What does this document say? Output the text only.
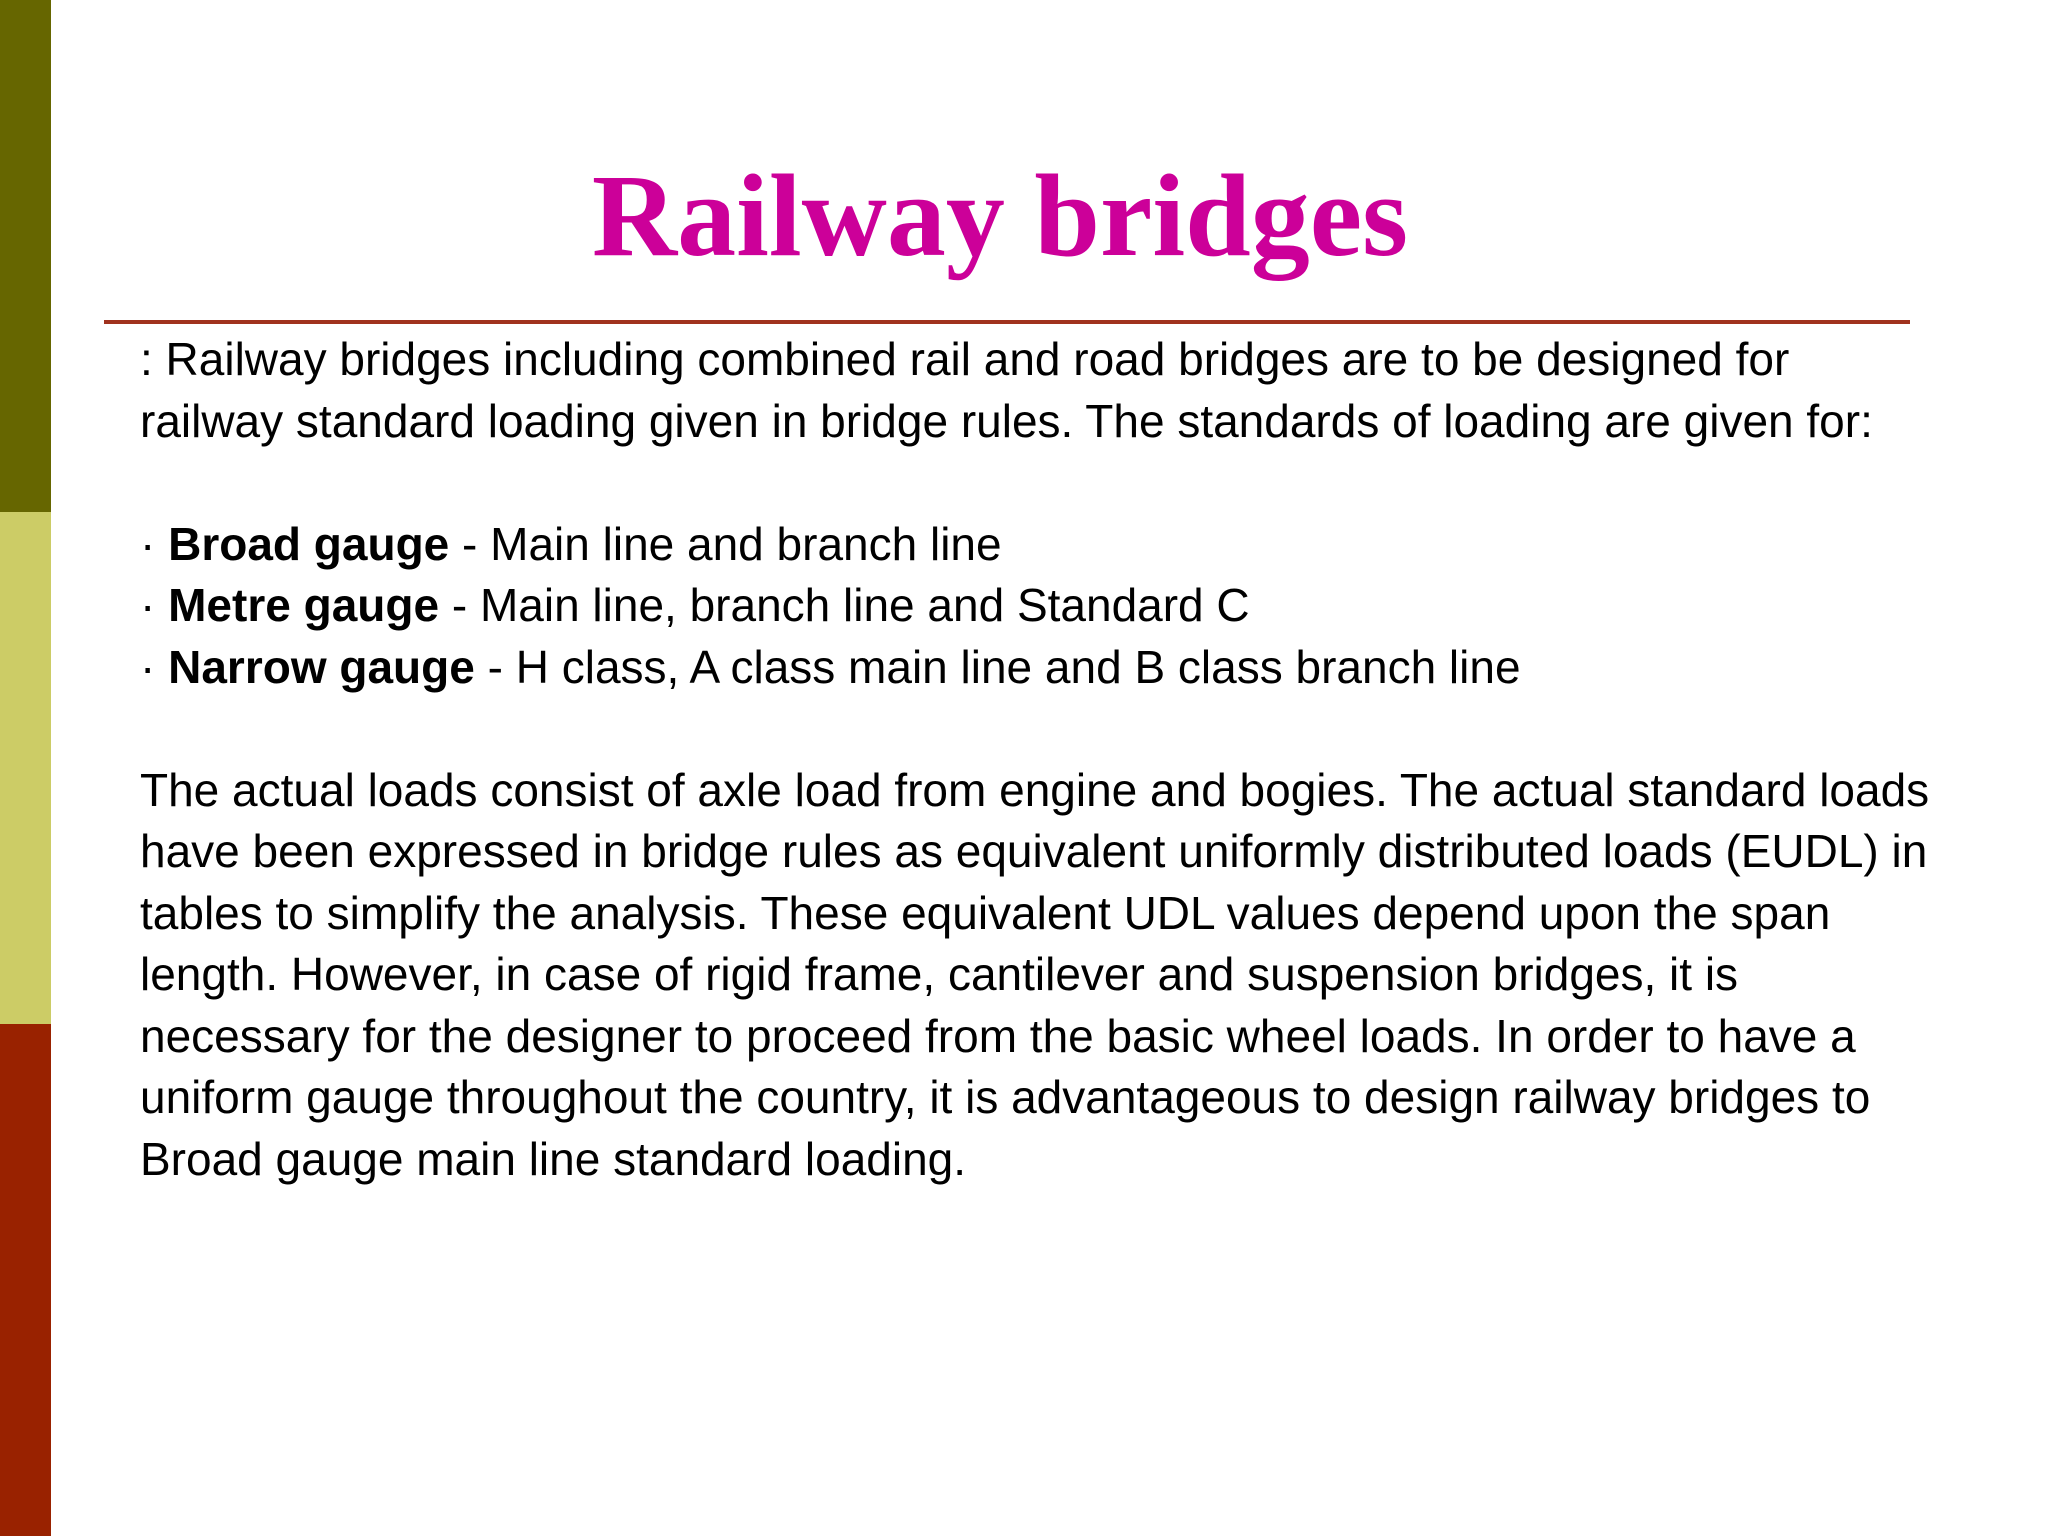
Railway bridges

: Railway bridges including combined rail and road bridges are to be designed for railway standard loading given in bridge rules. The standards of loading are given for:

· Broad gauge - Main line and branch line

· Metre gauge - Main line, branch line and Standard C

· Narrow gauge - H class, A class main line and B class branch line

The actual loads consist of axle load from engine and bogies. The actual standard loads have been expressed in bridge rules as equivalent uniformly distributed loads (EUDL) in tables to simplify the analysis. These equivalent UDL values depend upon the span length. However, in case of rigid frame, cantilever and suspension bridges, it is necessary for the designer to proceed from the basic wheel loads. In order to have a uniform gauge throughout the country, it is advantageous to design railway bridges to Broad gauge main line standard loading.
